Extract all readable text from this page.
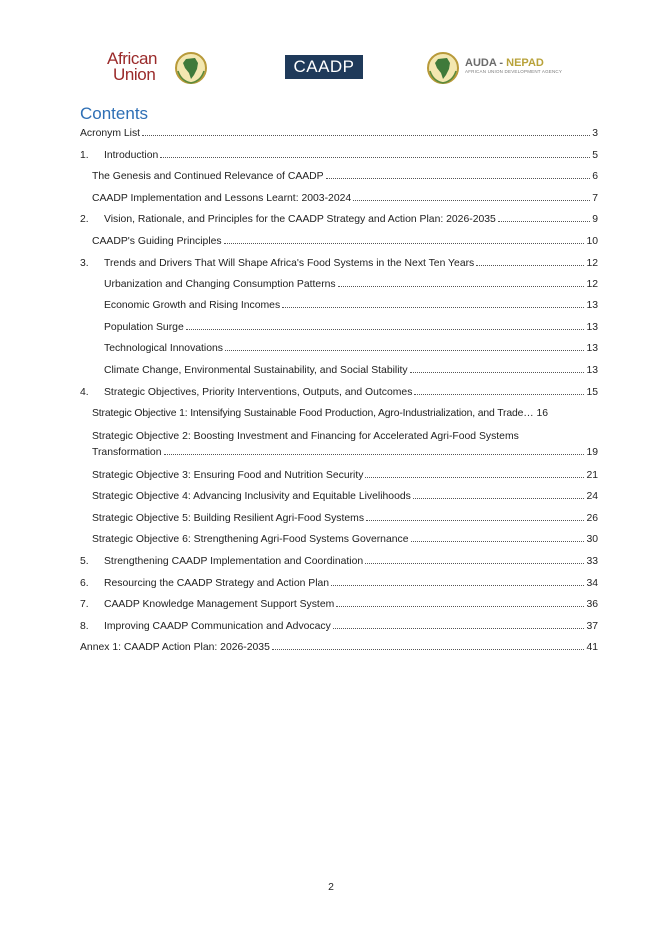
African
Union	CAADP	AUDA - NEPAD
AFRICAN UNION DEVELOPMENT AGENCY
Contents
Acronym List	3
1.	Introduction	5
The Genesis and Continued Relevance of CAADP	6
CAADP Implementation and Lessons Learnt: 2003-2024	7
2.	Vision, Rationale, and Principles for the CAADP Strategy and Action Plan: 2026-2035	9
CAADP's Guiding Principles	10
3.	Trends and Drivers That Will Shape Africa's Food Systems in the Next Ten Years	12
Urbanization and Changing Consumption Patterns	12
Economic Growth and Rising Incomes	13
Population Surge	13
Technological Innovations	13
Climate Change, Environmental Sustainability, and Social Stability	13
4.	Strategic Objectives, Priority Interventions, Outputs, and Outcomes	15
Strategic Objective 1: Intensifying Sustainable Food Production, Agro-Industrialization, and Trade… 16
Strategic Objective 2: Boosting Investment and Financing for Accelerated Agri-Food Systems
Transformation	19
Strategic Objective 3: Ensuring Food and Nutrition Security	21
Strategic Objective 4: Advancing Inclusivity and Equitable Livelihoods	24
Strategic Objective 5: Building Resilient Agri-Food Systems	26
Strategic Objective 6: Strengthening Agri-Food Systems Governance	30
5.	Strengthening CAADP Implementation and Coordination	33
6.	Resourcing the CAADP Strategy and Action Plan	34
7.	CAADP Knowledge Management Support System	36
8.	Improving CAADP Communication and Advocacy	37
Annex 1: CAADP Action Plan: 2026-2035	41
2
